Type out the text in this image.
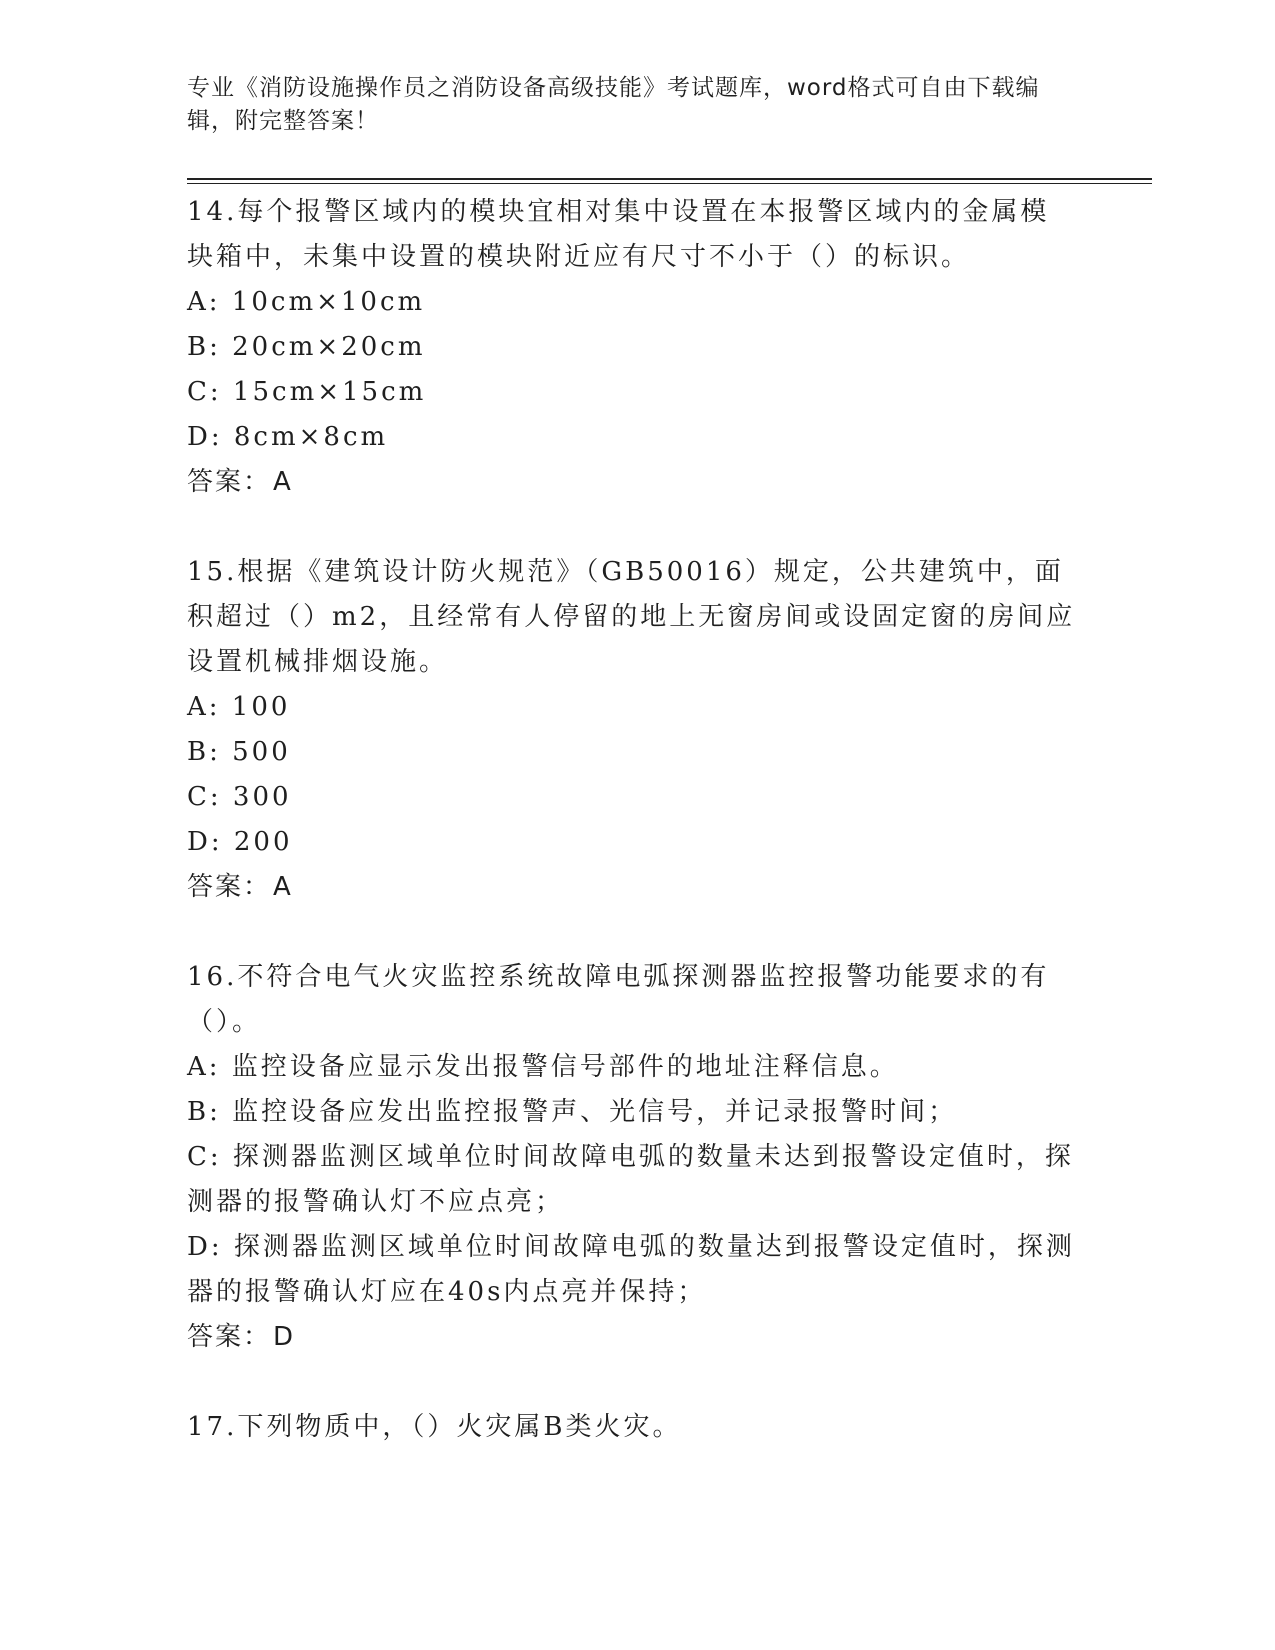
专业《消防设施操作员之消防设备高级技能》考试题库，word格式可自由下载编辑，附完整答案！

14.每个报警区域内的模块宜相对集中设置在本报警区域内的金属模块箱中，未集中设置的模块附近应有尺寸不小于（）的标识。

A: 10cm×10cm

B: 20cm×20cm

C: 15cm×15cm

D: 8cm×8cm

答案：A

15.根据《建筑设计防火规范》（GB50016）规定，公共建筑中，面积超过（）m2，且经常有人停留的地上无窗房间或设固定窗的房间应设置机械排烟设施。

A: 100

B: 500

C: 300

D: 200

答案：A

16.不符合电气火灾监控系统故障电弧探测器监控报警功能要求的有（）。

A: 监控设备应显示发出报警信号部件的地址注释信息。

B: 监控设备应发出监控报警声、光信号，并记录报警时间；

C: 探测器监测区域单位时间故障电弧的数量未达到报警设定值时，探测器的报警确认灯不应点亮；

D: 探测器监测区域单位时间故障电弧的数量达到报警设定值时，探测器的报警确认灯应在40s内点亮并保持；

答案：D

17.下列物质中，（）火灾属B类火灾。
